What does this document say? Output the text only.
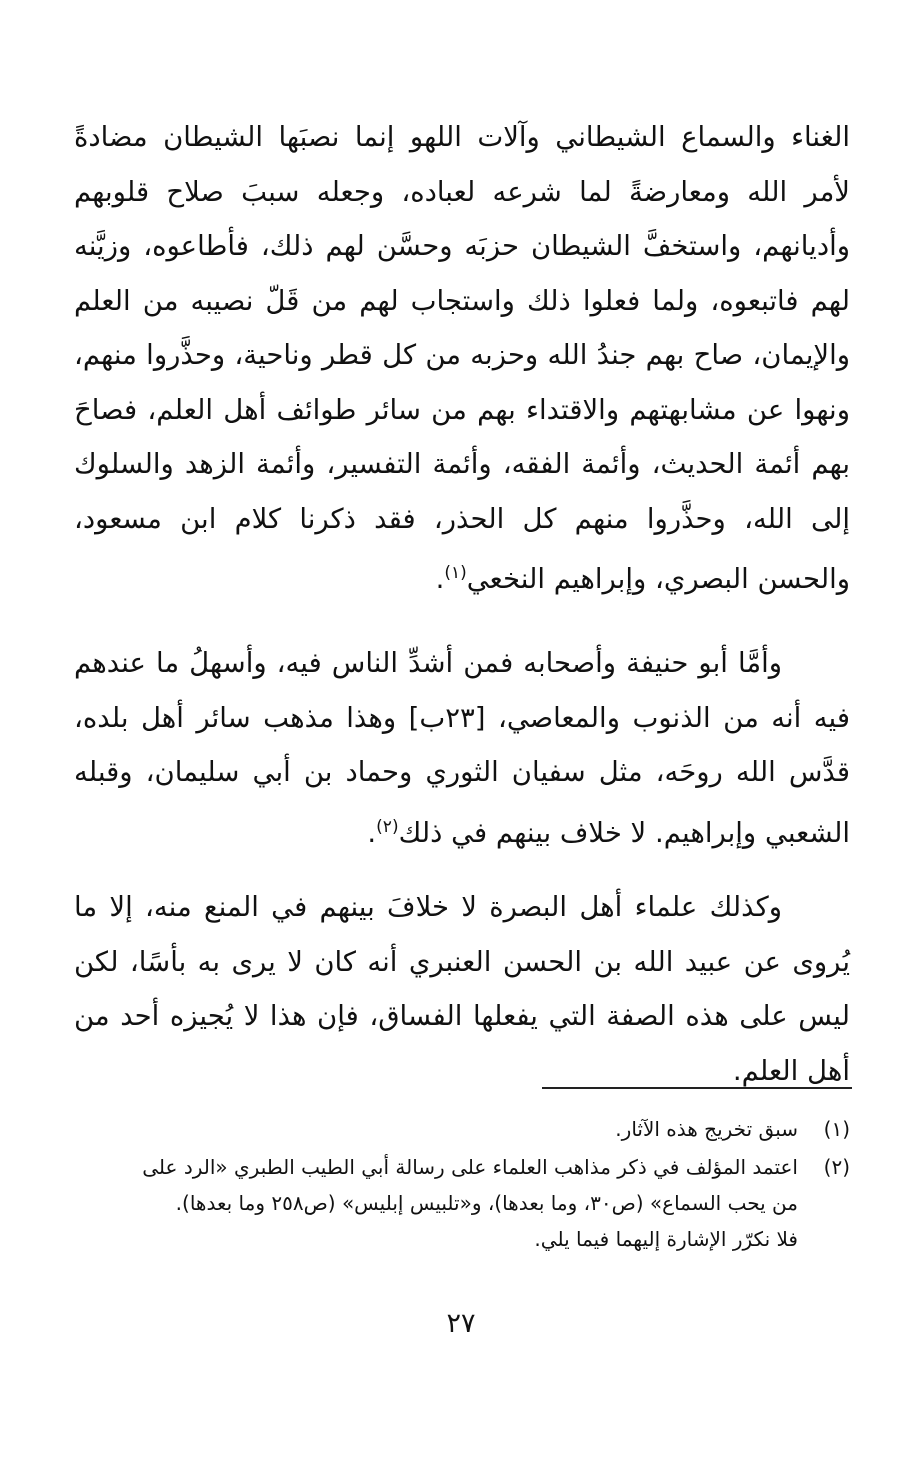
الغناء والسماع الشيطاني وآلات اللهو إنما نصبَها الشيطان مضادةً لأمر الله ومعارضةً لما شرعه لعباده، وجعله سببَ صلاح قلوبهم وأديانهم، واستخفَّ الشيطان حزبَه وحسَّن لهم ذلك، فأطاعوه، وزيَّنه لهم فاتبعوه، ولما فعلوا ذلك واستجاب لهم من قَلّ نصيبه من العلم والإيمان، صاح بهم جندُ الله وحزبه من كل قطر وناحية، وحذَّروا منهم، ونهوا عن مشابهتهم والاقتداء بهم من سائر طوائف أهل العلم، فصاحَ بهم أئمة الحديث، وأئمة الفقه، وأئمة التفسير، وأئمة الزهد والسلوك إلى الله، وحذَّروا منهم كل الحذر، فقد ذكرنا كلام ابن مسعود، والحسن البصري، وإبراهيم النخعي$^{(١)}$.

وأمَّا أبو حنيفة وأصحابه فمن أشدِّ الناس فيه، وأسهلُ ما عندهم فيه أنه من الذنوب والمعاصي، [٢٣ب] وهذا مذهب سائر أهل بلده، قدَّس الله روحَه، مثل سفيان الثوري وحماد بن أبي سليمان، وقبله الشعبي وإبراهيم. لا خلاف بينهم في ذلك$^{(٢)}$.

وكذلك علماء أهل البصرة لا خلافَ بينهم في المنع منه، إلا ما يُروى عن عبيد الله بن الحسن العنبري أنه كان لا يرى به بأسًا، لكن ليس على هذه الصفة التي يفعلها الفساق، فإن هذا لا يُجيزه أحد من أهل العلم.

(١)
سبق تخريج هذه الآثار.
(٢)
اعتمد المؤلف في ذكر مذاهب العلماء على رسالة أبي الطيب الطبري «الرد على
من يحب السماع» (ص٣٠، وما بعدها)، و«تلبيس إبليس» (ص٢٥٨ وما بعدها).
فلا نكرّر الإشارة إليهما فيما يلي.
٢٧
